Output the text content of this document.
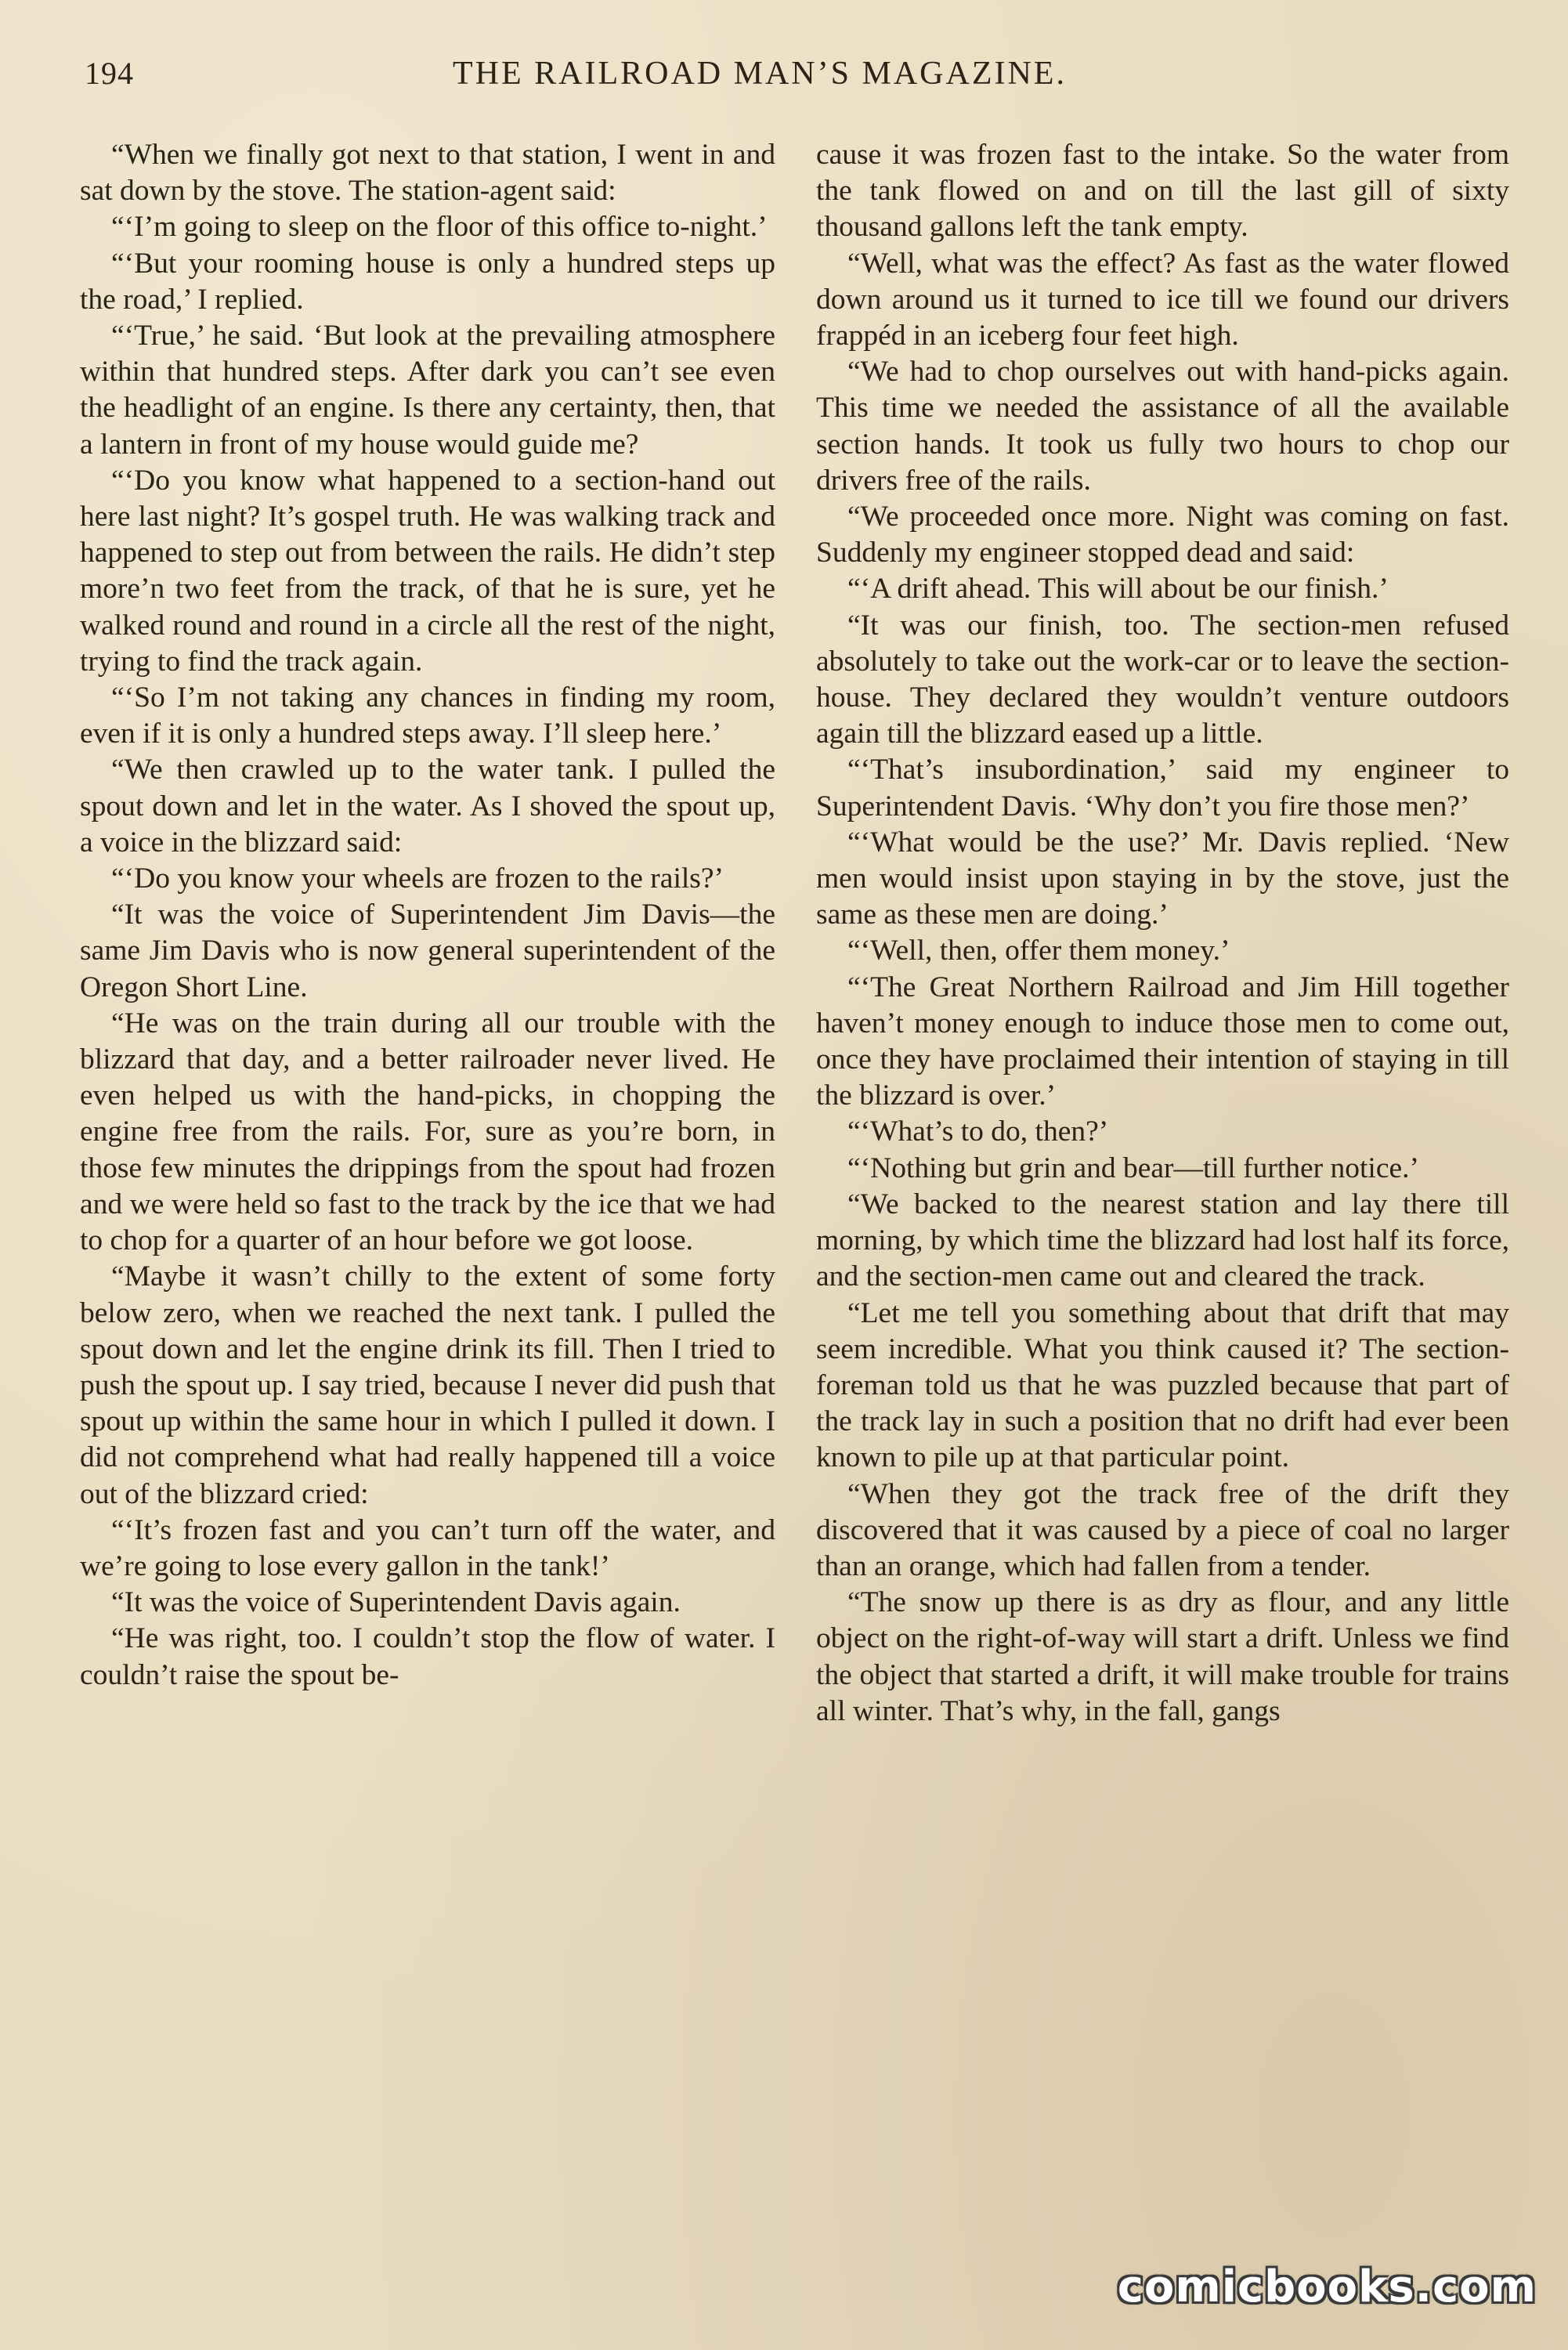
194	THE RAILROAD MAN’S MAGAZINE.

“When we finally got next to that station, I went in and sat down by the stove. The station-agent said:

“‘I’m going to sleep on the floor of this office to-night.’

“‘But your rooming house is only a hundred steps up the road,’ I replied.

“‘True,’ he said. ‘But look at the prevailing atmosphere within that hundred steps. After dark you can’t see even the headlight of an engine. Is there any certainty, then, that a lantern in front of my house would guide me?

“‘Do you know what happened to a section-hand out here last night? It’s gospel truth. He was walking track and happened to step out from between the rails. He didn’t step more’n two feet from the track, of that he is sure, yet he walked round and round in a circle all the rest of the night, trying to find the track again.

“‘So I’m not taking any chances in finding my room, even if it is only a hundred steps away. I’ll sleep here.’

“We then crawled up to the water tank. I pulled the spout down and let in the water. As I shoved the spout up, a voice in the blizzard said:

“‘Do you know your wheels are frozen to the rails?’

“It was the voice of Superintendent Jim Davis—the same Jim Davis who is now general superintendent of the Oregon Short Line.

“He was on the train during all our trouble with the blizzard that day, and a better railroader never lived. He even helped us with the hand-picks, in chopping the engine free from the rails. For, sure as you’re born, in those few minutes the drippings from the spout had frozen and we were held so fast to the track by the ice that we had to chop for a quarter of an hour before we got loose.

“Maybe it wasn’t chilly to the extent of some forty below zero, when we reached the next tank. I pulled the spout down and let the engine drink its fill. Then I tried to push the spout up. I say tried, because I never did push that spout up within the same hour in which I pulled it down. I did not comprehend what had really happened till a voice out of the blizzard cried:

“‘It’s frozen fast and you can’t turn off the water, and we’re going to lose every gallon in the tank!’

“It was the voice of Superintendent Davis again.

“He was right, too. I couldn’t stop the flow of water. I couldn’t raise the spout be-

cause it was frozen fast to the intake. So the water from the tank flowed on and on till the last gill of sixty thousand gallons left the tank empty.

“Well, what was the effect? As fast as the water flowed down around us it turned to ice till we found our drivers frappéd in an iceberg four feet high.

“We had to chop ourselves out with hand-picks again. This time we needed the assistance of all the available section hands. It took us fully two hours to chop our drivers free of the rails.

“We proceeded once more. Night was coming on fast. Suddenly my engineer stopped dead and said:

“‘A drift ahead. This will about be our finish.’

“It was our finish, too. The section-men refused absolutely to take out the work-car or to leave the section-house. They declared they wouldn’t venture outdoors again till the blizzard eased up a little.

“‘That’s insubordination,’ said my engineer to Superintendent Davis. ‘Why don’t you fire those men?’

“‘What would be the use?’ Mr. Davis replied. ‘New men would insist upon staying in by the stove, just the same as these men are doing.’

“‘Well, then, offer them money.’

“‘The Great Northern Railroad and Jim Hill together haven’t money enough to induce those men to come out, once they have proclaimed their intention of staying in till the blizzard is over.’

“‘What’s to do, then?’

“‘Nothing but grin and bear—till further notice.’

“We backed to the nearest station and lay there till morning, by which time the blizzard had lost half its force, and the section-men came out and cleared the track.

“Let me tell you something about that drift that may seem incredible. What you think caused it? The section-foreman told us that he was puzzled because that part of the track lay in such a position that no drift had ever been known to pile up at that particular point.

“When they got the track free of the drift they discovered that it was caused by a piece of coal no larger than an orange, which had fallen from a tender.

“The snow up there is as dry as flour, and any little object on the right-of-way will start a drift. Unless we find the object that started a drift, it will make trouble for trains all winter. That’s why, in the fall, gangs

comicbooks.com
